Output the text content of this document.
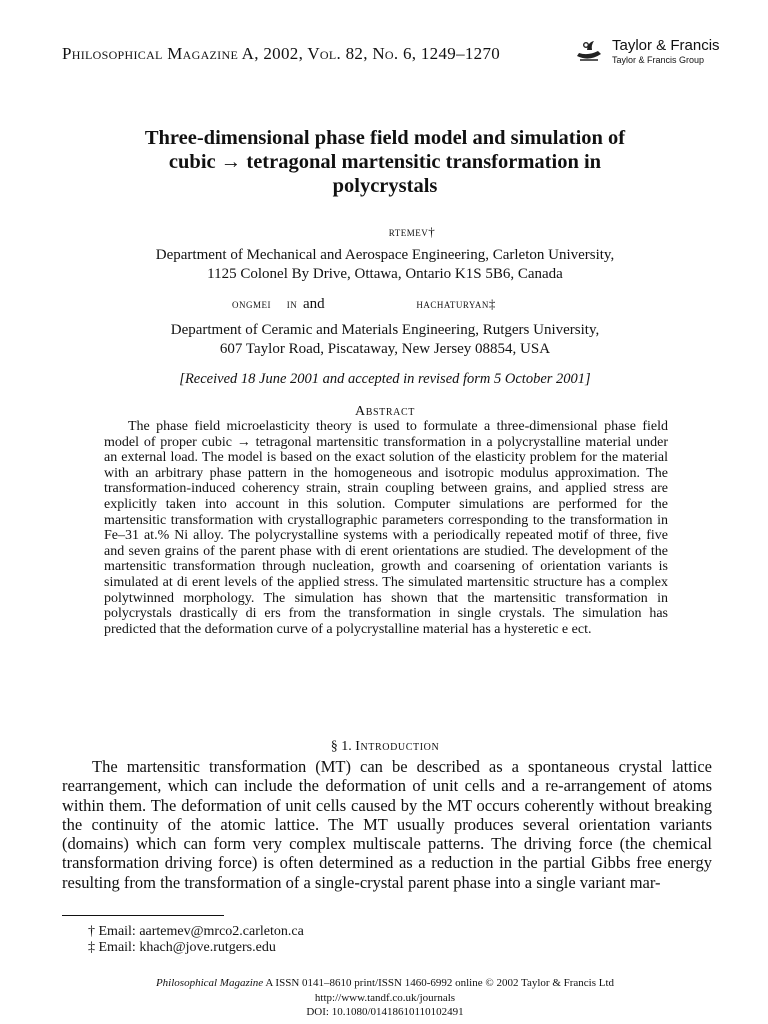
Philosophical Magazine A, 2002, Vol. 82, No. 6, 1249–1270	Taylor & Francis
Taylor & Francis Group
Three-dimensional phase field model and simulation of
cubic → tetragonal martensitic transformation in
polycrystals
rtemev†
Department of Mechanical and Aerospace Engineering, Carleton University,
1125 Colonel By Drive, Ottawa, Ontario K1S 5B6, Canada
ongmei in and	hachaturyan‡
Department of Ceramic and Materials Engineering, Rutgers University,
607 Taylor Road, Piscataway, New Jersey 08854, USA
[Received 18 June 2001 and accepted in revised form 5 October 2001]
Abstract
The phase field microelasticity theory is used to formulate a three-dimensional phase field model of proper cubic → tetragonal martensitic transformation in a polycrystalline material under an external load. The model is based on the exact solution of the elasticity problem for the material with an arbitrary phase pattern in the homogeneous and isotropic modulus approximation. The transformation-induced coherency strain, strain coupling between grains, and applied stress are explicitly taken into account in this solution. Computer simulations are performed for the martensitic transformation with crystallographic parameters corresponding to the transformation in Fe–31 at.% Ni alloy. The polycrystalline systems with a periodically repeated motif of three, five and seven grains of the parent phase with di erent orientations are studied. The development of the martensitic transformation through nucleation, growth and coarsening of orientation variants is simulated at di erent levels of the applied stress. The simulated martensitic structure has a complex polytwinned morphology. The simulation has shown that the martensitic transformation in polycrystals drastically di ers from the transformation in single crystals. The simulation has predicted that the deformation curve of a polycrystalline material has a hysteretic e ect.
§ 1. Introduction
The martensitic transformation (MT) can be described as a spontaneous crystal lattice rearrangement, which can include the deformation of unit cells and a re-arrangement of atoms within them. The deformation of unit cells caused by the MT occurs coherently without breaking the continuity of the atomic lattice. The MT usually produces several orientation variants (domains) which can form very complex multiscale patterns. The driving force (the chemical transformation driving force) is often determined as a reduction in the partial Gibbs free energy resulting from the transformation of a single-crystal parent phase into a single variant mar-
† Email: aartemev@mrco2.carleton.ca
‡ Email: khach@jove.rutgers.edu
Philosophical Magazine A ISSN 0141–8610 print/ISSN 1460-6992 online © 2002 Taylor & Francis Ltd
http://www.tandf.co.uk/journals
DOI: 10.1080/01418610110102491
